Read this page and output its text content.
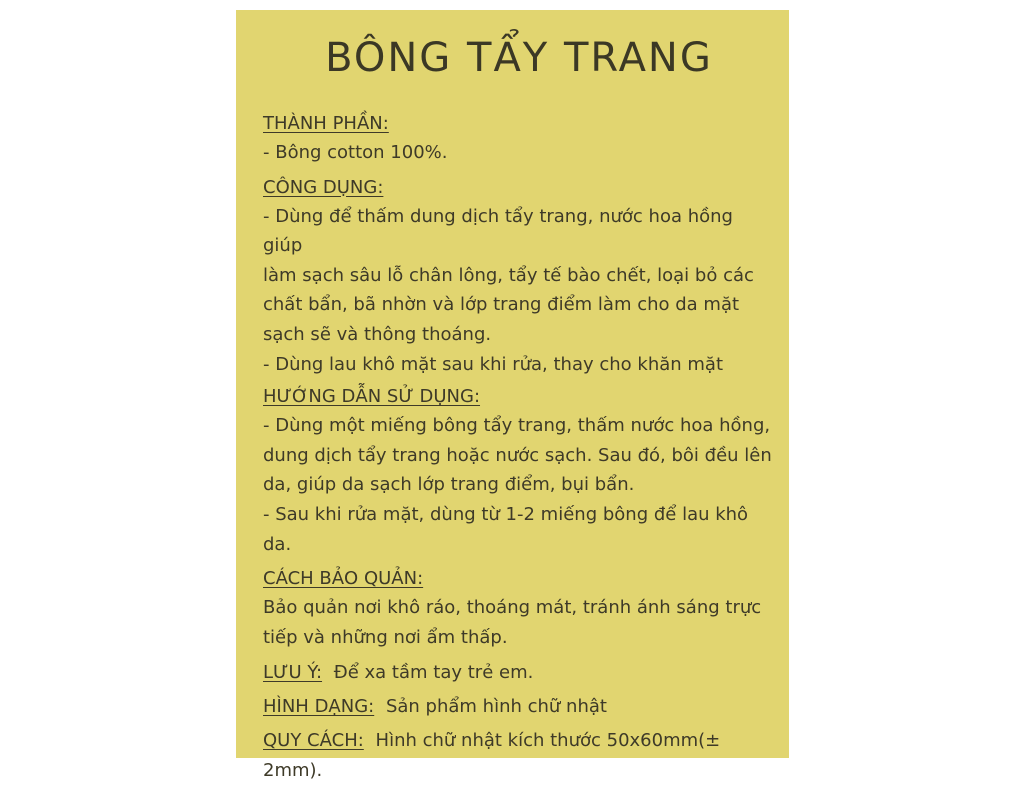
BÔNG TẨY TRANG
THÀNH PHẦN:

- Bông cotton 100%.

CÔNG DỤNG:

- Dùng để thấm dung dịch tẩy trang, nước hoa hồng giúp
làm sạch sâu lỗ chân lông, tẩy tế bào chết, loại bỏ các
chất bẩn, bã nhờn và lớp trang điểm làm cho da mặt
sạch sẽ và thông thoáng.
- Dùng lau khô mặt sau khi rửa, thay cho khăn mặt

HƯỚNG DẪN SỬ DỤNG:

- Dùng một miếng bông tẩy trang, thấm nước hoa hồng,
dung dịch tẩy trang hoặc nước sạch. Sau đó, bôi đều lên
da, giúp da sạch lớp trang điểm, bụi bẩn.
- Sau khi rửa mặt, dùng từ 1-2 miếng bông để lau khô
da.

CÁCH BẢO QUẢN:

Bảo quản nơi khô ráo, thoáng mát, tránh ánh sáng trực
tiếp và những nơi ẩm thấp.

LƯU Ý: Để xa tầm tay trẻ em.

HÌNH DẠNG: Sản phẩm hình chữ nhật

QUY CÁCH: Hình chữ nhật kích thước 50x60mm(± 2mm).
